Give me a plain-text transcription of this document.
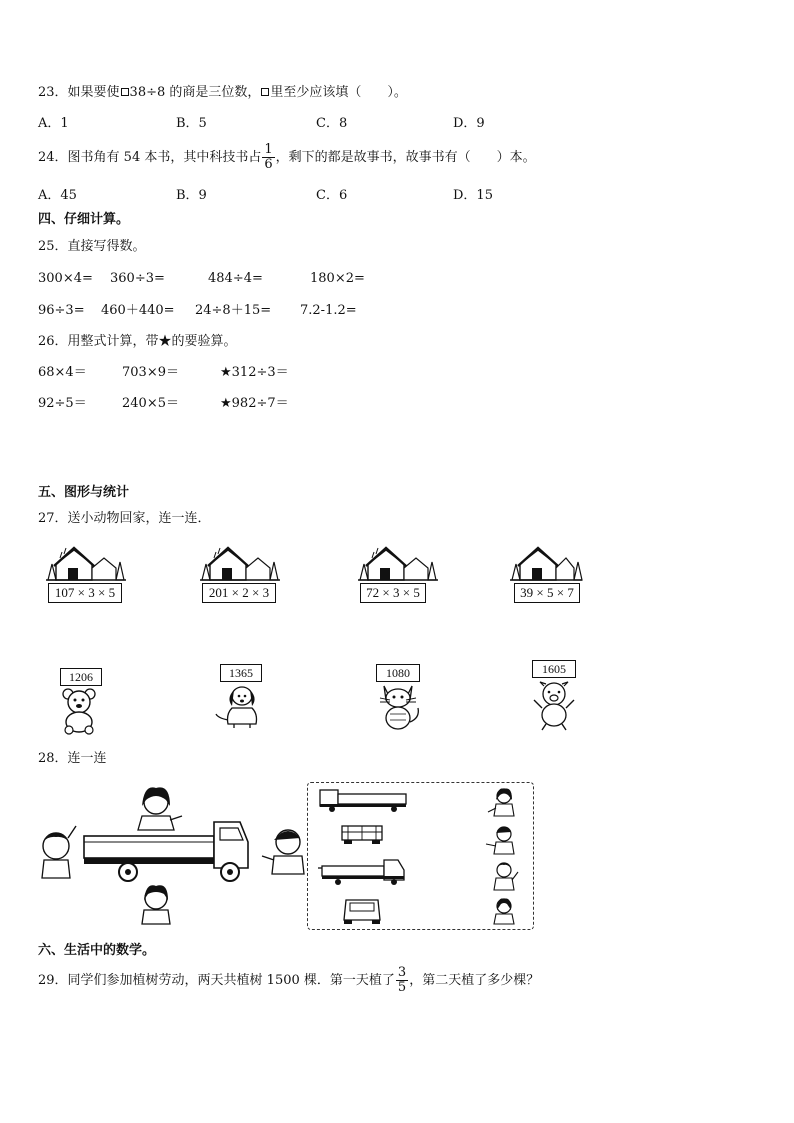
23．如果要使 38÷8 的商是三位数， 里至少应该填（　　）。
A．1	B．5	C．8	D．9
24．图书角有 54 本书，其中科技书占 $\frac{1}{6}$ ，剩下的都是故事书，故事书有（　　）本。
A．45	B．9	C．6	D．15
四、仔细计算。
25．直接写得数。
300×4= 360÷3=	484÷4=	180×2=
96÷3= 460＋440= 24÷8＋15= 7.2-1.2=
26．用整式计算，带★的要验算。
68×4＝	703×9＝	★312÷3＝
92÷5＝	240×5＝	★982÷7＝
五、图形与统计
27．送小动物回家，连一连．
107 × 3 × 5	201 × 2 × 3	72 × 3 × 5	39 × 5 × 7
1206	1365	1080	1605
28．连一连
六、生活中的数学。
29．同学们参加植树劳动，两天共植树 1500 棵．第一天植了 $\frac{3}{5}$ ，第二天植了多少棵？
